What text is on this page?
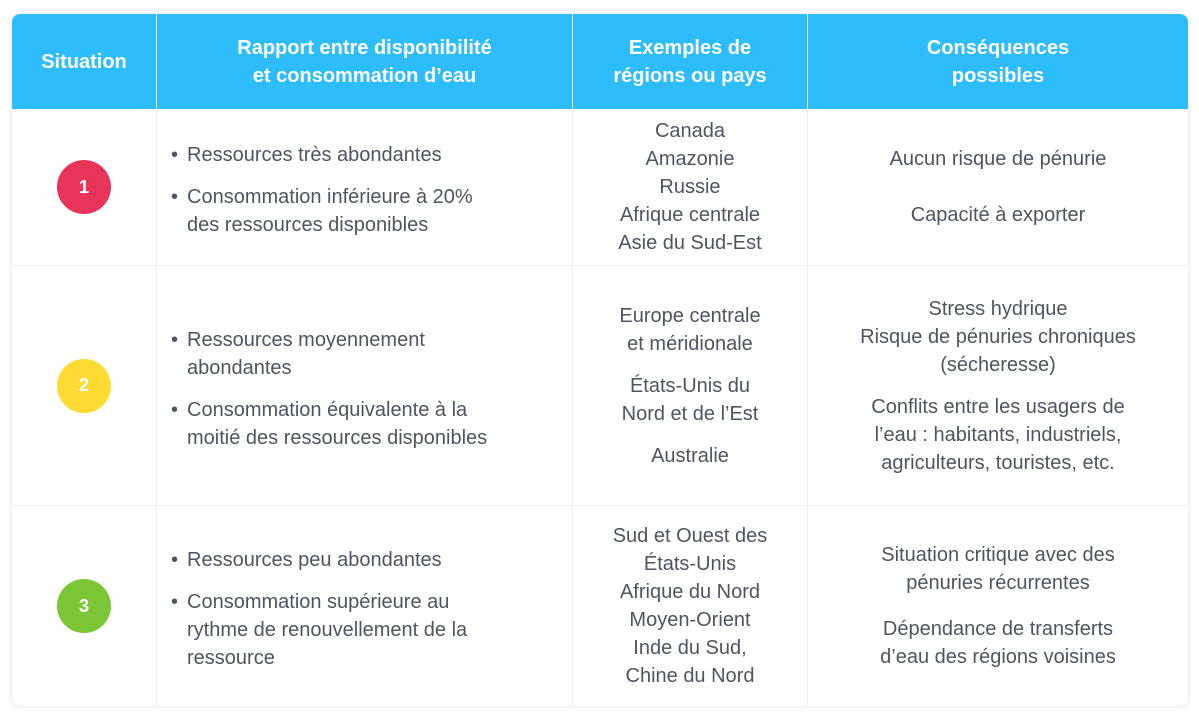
Situation
Rapport entre disponibilité
et consommation d’eau
Exemples de
régions ou pays
Conséquences
possibles
1
• Ressources très abondantes
• Consommation inférieure à 20%
des ressources disponibles
Canada
Amazonie
Russie
Afrique centrale
Asie du Sud-Est
Aucun risque de pénurie
Capacité à exporter
2
• Ressources moyennement
abondantes
• Consommation équivalente à la
moitié des ressources disponibles
Europe centrale
et méridionale
États-Unis du
Nord et de l’Est
Australie
Stress hydrique
Risque de pénuries chroniques
(sécheresse)
Conflits entre les usagers de
l’eau : habitants, industriels,
agriculteurs, touristes, etc.
3
• Ressources peu abondantes
• Consommation supérieure au
rythme de renouvellement de la
ressource
Sud et Ouest des
États-Unis
Afrique du Nord
Moyen-Orient
Inde du Sud,
Chine du Nord
Situation critique avec des
pénuries récurrentes
Dépendance de transferts
d’eau des régions voisines
